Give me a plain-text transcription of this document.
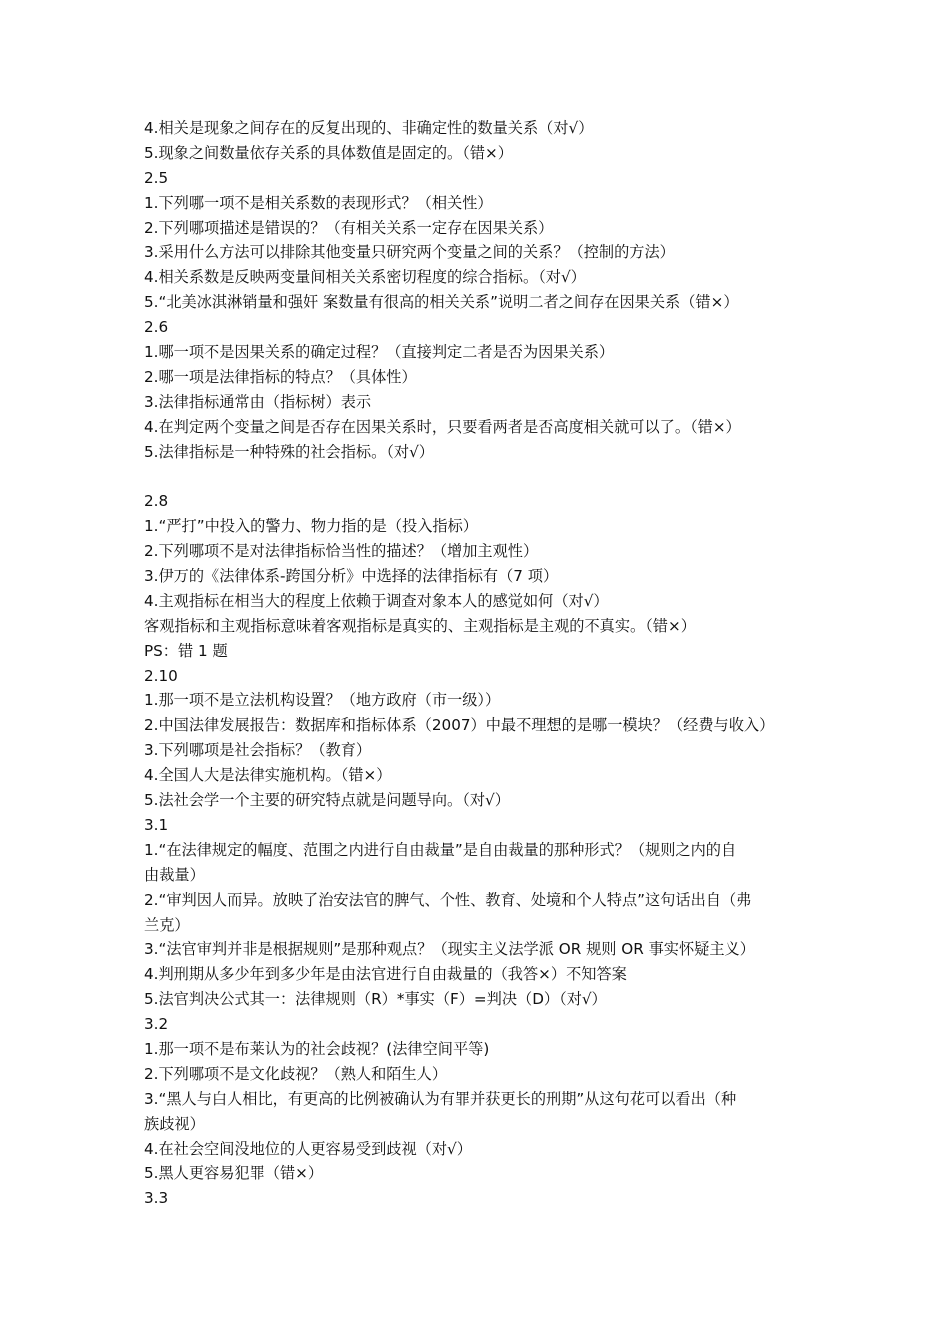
4.相关是现象之间存在的反复出现的、非确定性的数量关系（对√）
5.现象之间数量依存关系的具体数值是固定的。（错×）
2.5
1.下列哪一项不是相关系数的表现形式？（相关性）
2.下列哪项描述是错误的？（有相关关系一定存在因果关系）
3.采用什么方法可以排除其他变量只研究两个变量之间的关系？（控制的方法）
4.相关系数是反映两变量间相关关系密切程度的综合指标。（对√）
5.“北美冰淇淋销量和强奸 案数量有很高的相关关系”说明二者之间存在因果关系（错×）
2.6
1.哪一项不是因果关系的确定过程？（直接判定二者是否为因果关系）
2.哪一项是法律指标的特点？（具体性）
3.法律指标通常由（指标树）表示
4.在判定两个变量之间是否存在因果关系时，只要看两者是否高度相关就可以了。（错×）
5.法律指标是一种特殊的社会指标。（对√）
2.8
1.“严打”中投入的警力、物力指的是（投入指标）
2.下列哪项不是对法律指标恰当性的描述？（增加主观性）
3.伊万的《法律体系-跨国分析》中选择的法律指标有（7 项）
4.主观指标在相当大的程度上依赖于调查对象本人的感觉如何（对√）
客观指标和主观指标意味着客观指标是真实的、主观指标是主观的不真实。（错×）
PS：错 1 题
2.10
1.那一项不是立法机构设置？（地方政府（市一级））
2.中国法律发展报告：数据库和指标体系（2007）中最不理想的是哪一模块？（经费与收入）
3.下列哪项是社会指标？（教育）
4.全国人大是法律实施机构。（错×）
5.法社会学一个主要的研究特点就是问题导向。（对√）
3.1
1.“在法律规定的幅度、范围之内进行自由裁量”是自由裁量的那种形式？（规则之内的自
由裁量）
2.“审判因人而异。放映了治安法官的脾气、个性、教育、处境和个人特点”这句话出自（弗
兰克）
3.“法官审判并非是根据规则”是那种观点？（现实主义法学派 OR 规则 OR 事实怀疑主义）
4.判刑期从多少年到多少年是由法官进行自由裁量的（我答×）不知答案
5.法官判决公式其一：法律规则（R）*事实（F）=判决（D）（对√）
3.2
1.那一项不是布莱认为的社会歧视？(法律空间平等)
2.下列哪项不是文化歧视？（熟人和陌生人）
3.“黑人与白人相比，有更高的比例被确认为有罪并获更长的刑期”从这句花可以看出（种
族歧视）
4.在社会空间没地位的人更容易受到歧视（对√）
5.黑人更容易犯罪（错×）
3.3
